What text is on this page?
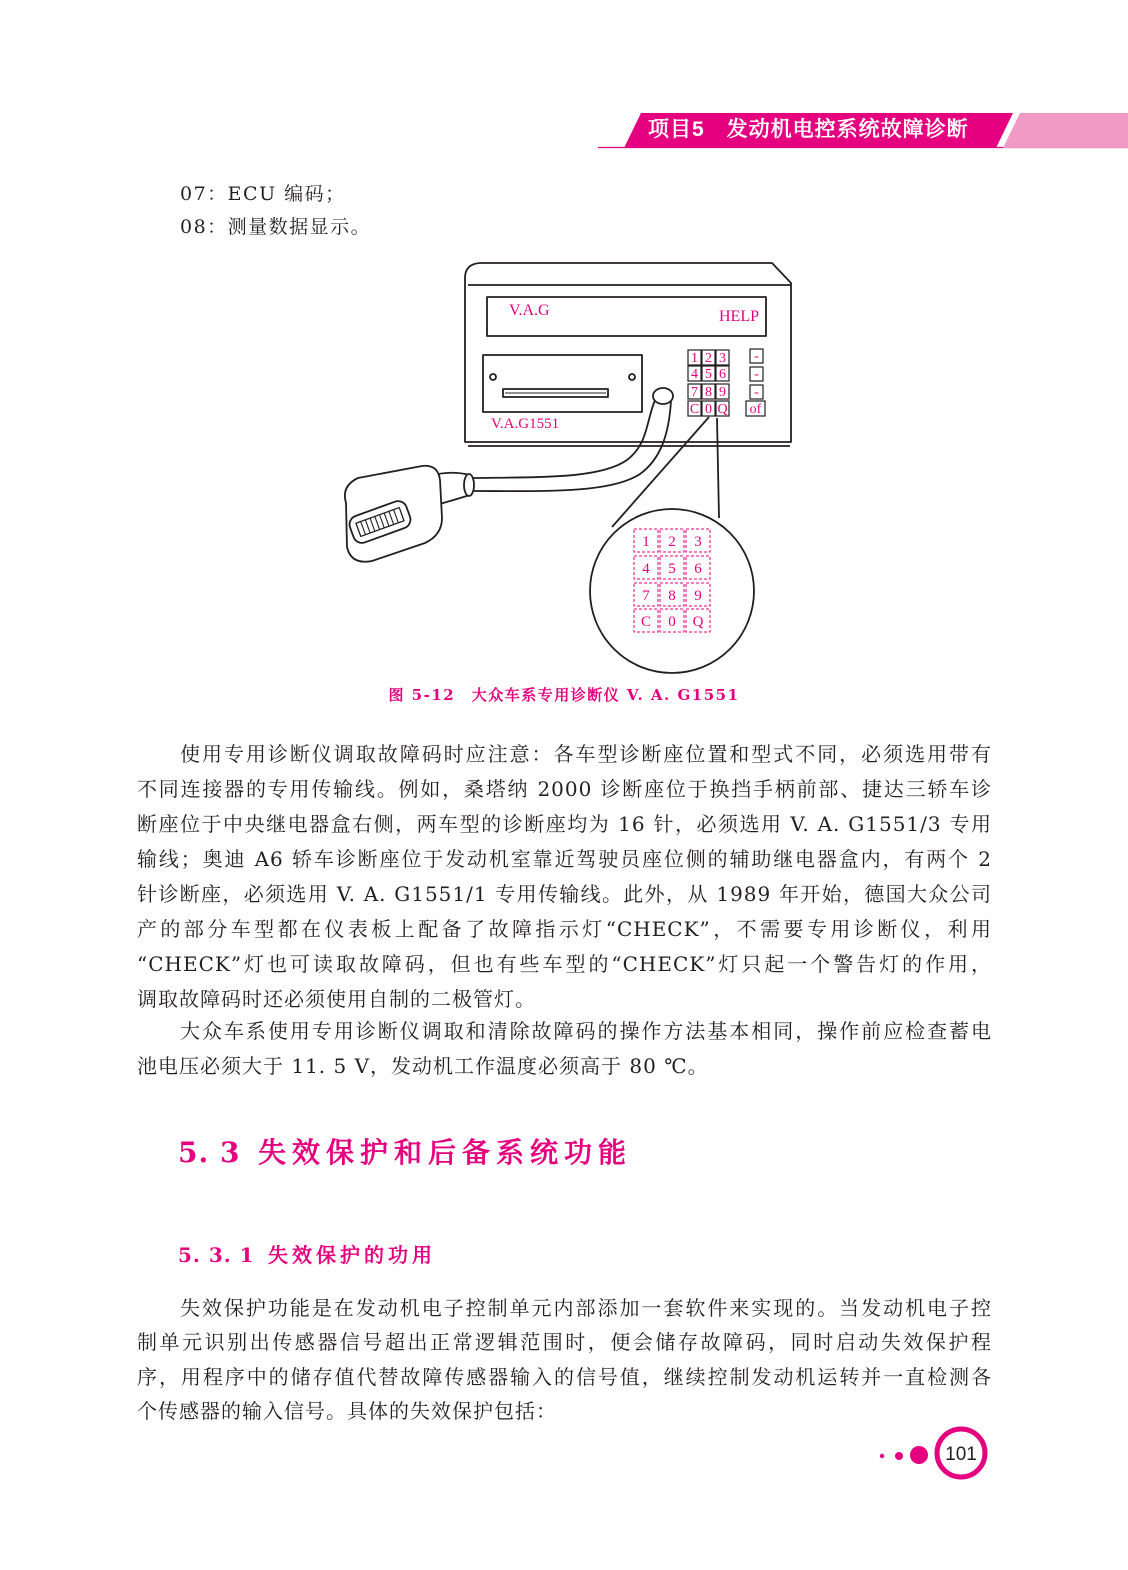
项目5　发动机电控系统故障诊断
07：ECU 编码；
08：测量数据显示。
V.A.G	HELP
V.A.G1551
1 2 3
4 5 6
7 8 9
C 0 Q
-
-
-
of
1 2 3
4 5 6
7 8 9
C 0 Q
图 5-12　大众车系专用诊断仪 V. A. G1551
使用专用诊断仪调取故障码时应注意：各车型诊断座位置和型式不同，必须选用带有
不同连接器的专用传输线。例如，桑塔纳 2000 诊断座位于换挡手柄前部、捷达三轿车诊
断座位于中央继电器盒右侧，两车型的诊断座均为 16 针，必须选用 V. A. G1551/3 专用
输线；奥迪 A6 轿车诊断座位于发动机室靠近驾驶员座位侧的辅助继电器盒内，有两个 2
针诊断座，必须选用 V. A. G1551/1 专用传输线。此外，从 1989 年开始，德国大众公司
产的部分车型都在仪表板上配备了故障指示灯“CHECK”，不需要专用诊断仪，利用
“CHECK”灯也可读取故障码，但也有些车型的“CHECK”灯只起一个警告灯的作用，
调取故障码时还必须使用自制的二极管灯。
大众车系使用专用诊断仪调取和清除故障码的操作方法基本相同，操作前应检查蓄电
池电压必须大于 11. 5 V，发动机工作温度必须高于 80 ℃。
5. 3 失效保护和后备系统功能
5. 3. 1 失效保护的功用
失效保护功能是在发动机电子控制单元内部添加一套软件来实现的。当发动机电子控
制单元识别出传感器信号超出正常逻辑范围时，便会储存故障码，同时启动失效保护程
序，用程序中的储存值代替故障传感器输入的信号值，继续控制发动机运转并一直检测各
个传感器的输入信号。具体的失效保护包括：
101
